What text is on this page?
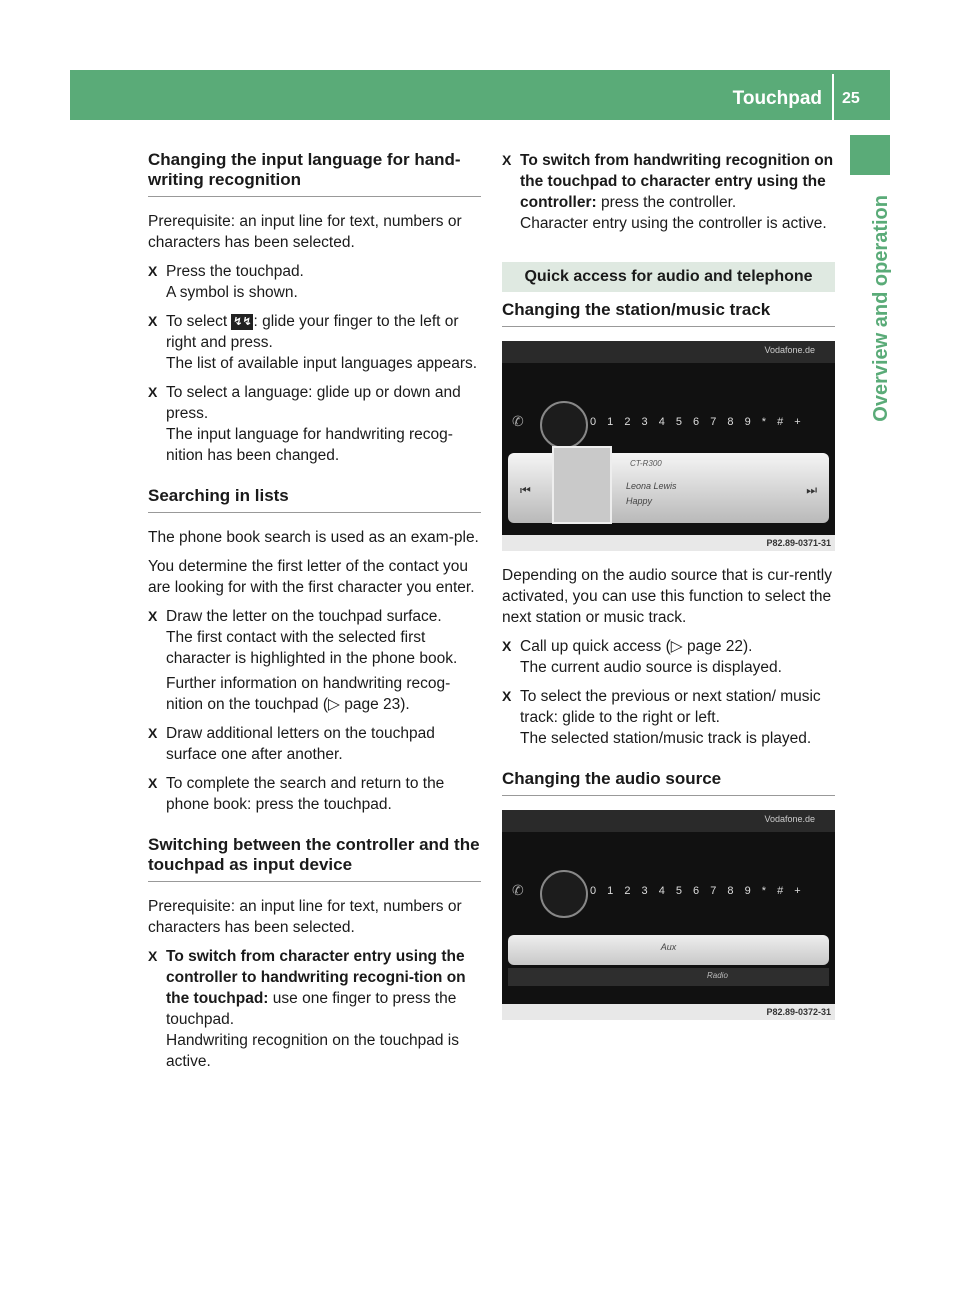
Touchpad 25
Overview and operation
Changing the input language for hand-writing recognition

Prerequisite: an input line for text, numbers or characters has been selected.

X Press the touchpad.
A symbol is shown.
X To select ↯↯ : glide your finger to the left or right and press.
The list of available input languages appears.
X To select a language: glide up or down and press.
The input language for handwriting recog-nition has been changed.
Searching in lists

The phone book search is used as an exam-ple.

You determine the first letter of the contact you are looking for with the first character you enter.

X Draw the letter on the touchpad surface.
The first contact with the selected first character is highlighted in the phone book.
Further information on handwriting recog-nition on the touchpad (▷ page 23).
X Draw additional letters on the touchpad surface one after another.
X To complete the search and return to the phone book: press the touchpad.
Switching between the controller and the touchpad as input device

Prerequisite: an input line for text, numbers or characters has been selected.

X To switch from character entry using the controller to handwriting recogni-tion on the touchpad: use one finger to press the touchpad.
Handwriting recognition on the touchpad is active.
X To switch from handwriting recognition on the touchpad to character entry using the controller: press the controller.
Character entry using the controller is active.
Quick access for audio and telephone
Changing the station/music track
Vodafone.de
✆	0 1 2 3 4 5 6 7 8 9 * # +
CT-R300
Leona Lewis
Happy
⏮	⏭
P82.89-0371-31

Depending on the audio source that is cur-rently activated, you can use this function to select the next station or music track.

X Call up quick access (▷ page 22).
The current audio source is displayed.
X To select the previous or next station/ music track: glide to the right or left.
The selected station/music track is played.
Changing the audio source
Vodafone.de
✆	0 1 2 3 4 5 6 7 8 9 * # +
Aux
Radio
P82.89-0372-31
